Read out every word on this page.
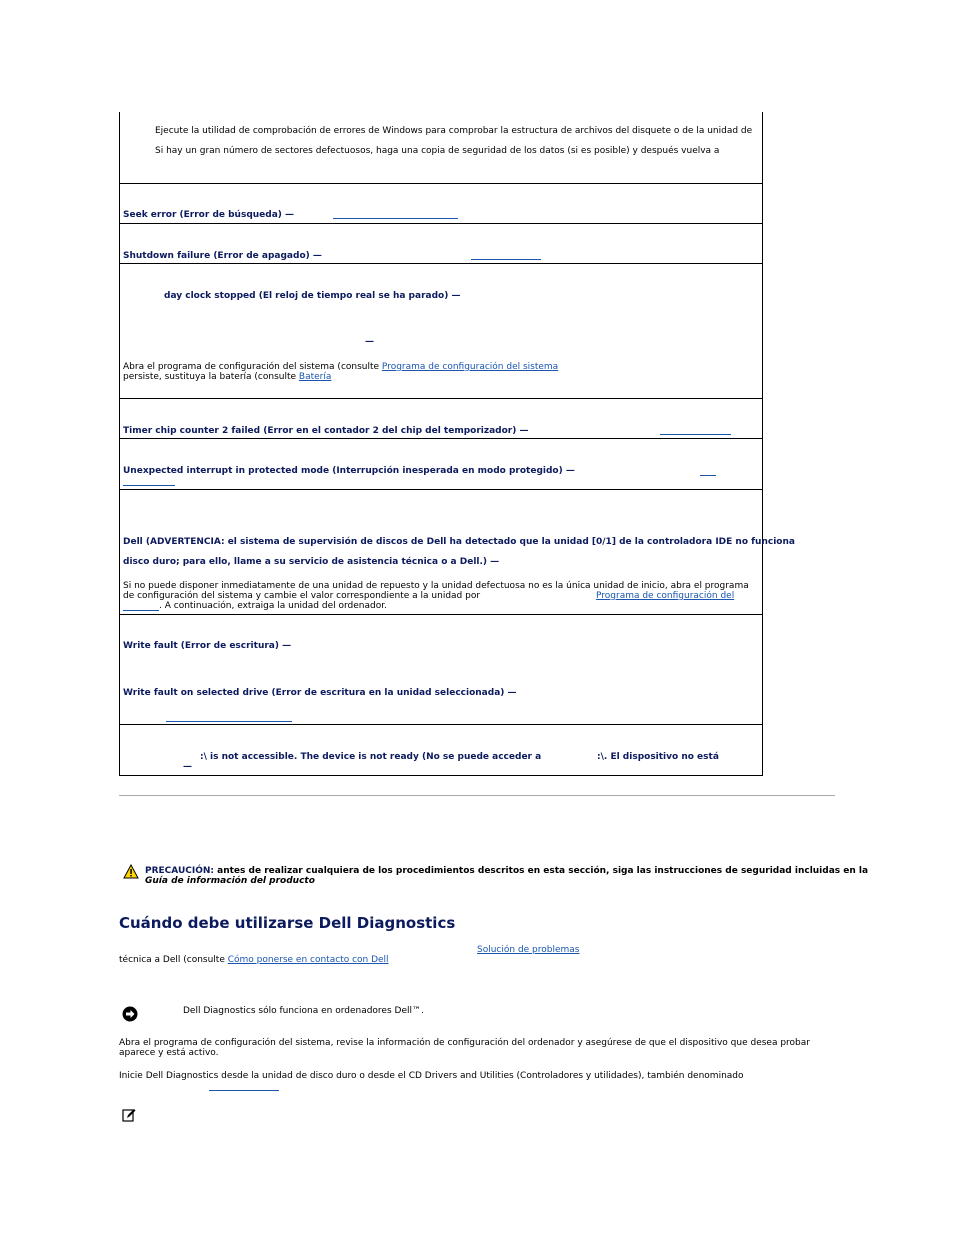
Ejecute la utilidad de comprobación de errores de Windows para comprobar la estructura de archivos del disquete o de la unidad de
Si hay un gran número de sectores defectuosos, haga una copia de seguridad de los datos (si es posible) y después vuelva a
Seek error (Error de búsqueda) —
Shutdown failure (Error de apagado) —
day clock stopped (El reloj de tiempo real se ha parado) —
—
Abra el programa de configuración del sistema (consulte Programa de configuración del sistema
persiste, sustituya la batería (consulte Batería
Timer chip counter 2 failed (Error en el contador 2 del chip del temporizador) —
Unexpected interrupt in protected mode (Interrupción inesperada en modo protegido) —
Dell (ADVERTENCIA: el sistema de supervisión de discos de Dell ha detectado que la unidad [0/1] de la controladora IDE no funciona
disco duro; para ello, llame a su servicio de asistencia técnica o a Dell.) —
Si no puede disponer inmediatamente de una unidad de repuesto y la unidad defectuosa no es la única unidad de inicio, abra el programa
de configuración del sistema y cambie el valor correspondiente a la unidad por	Programa de configuración del
. A continuación, extraiga la unidad del ordenador.
Write fault (Error de escritura) —
Write fault on selected drive (Error de escritura en la unidad seleccionada) —
:\ is not accessible. The device is not ready (No se puede acceder a	:\. El dispositivo no está
—
PRECAUCIÓN: antes de realizar cualquiera de los procedimientos descritos en esta sección, siga las instrucciones de seguridad incluidas en la
Guía de información del producto
Cuándo debe utilizarse Dell Diagnostics
Solución de problemas
técnica a Dell (consulte Cómo ponerse en contacto con Dell
Dell Diagnostics sólo funciona en ordenadores Dell™.
Abra el programa de configuración del sistema, revise la información de configuración del ordenador y asegúrese de que el dispositivo que desea probar
aparece y está activo.
Inicie Dell Diagnostics desde la unidad de disco duro o desde el CD Drivers and Utilities (Controladores y utilidades), también denominado
